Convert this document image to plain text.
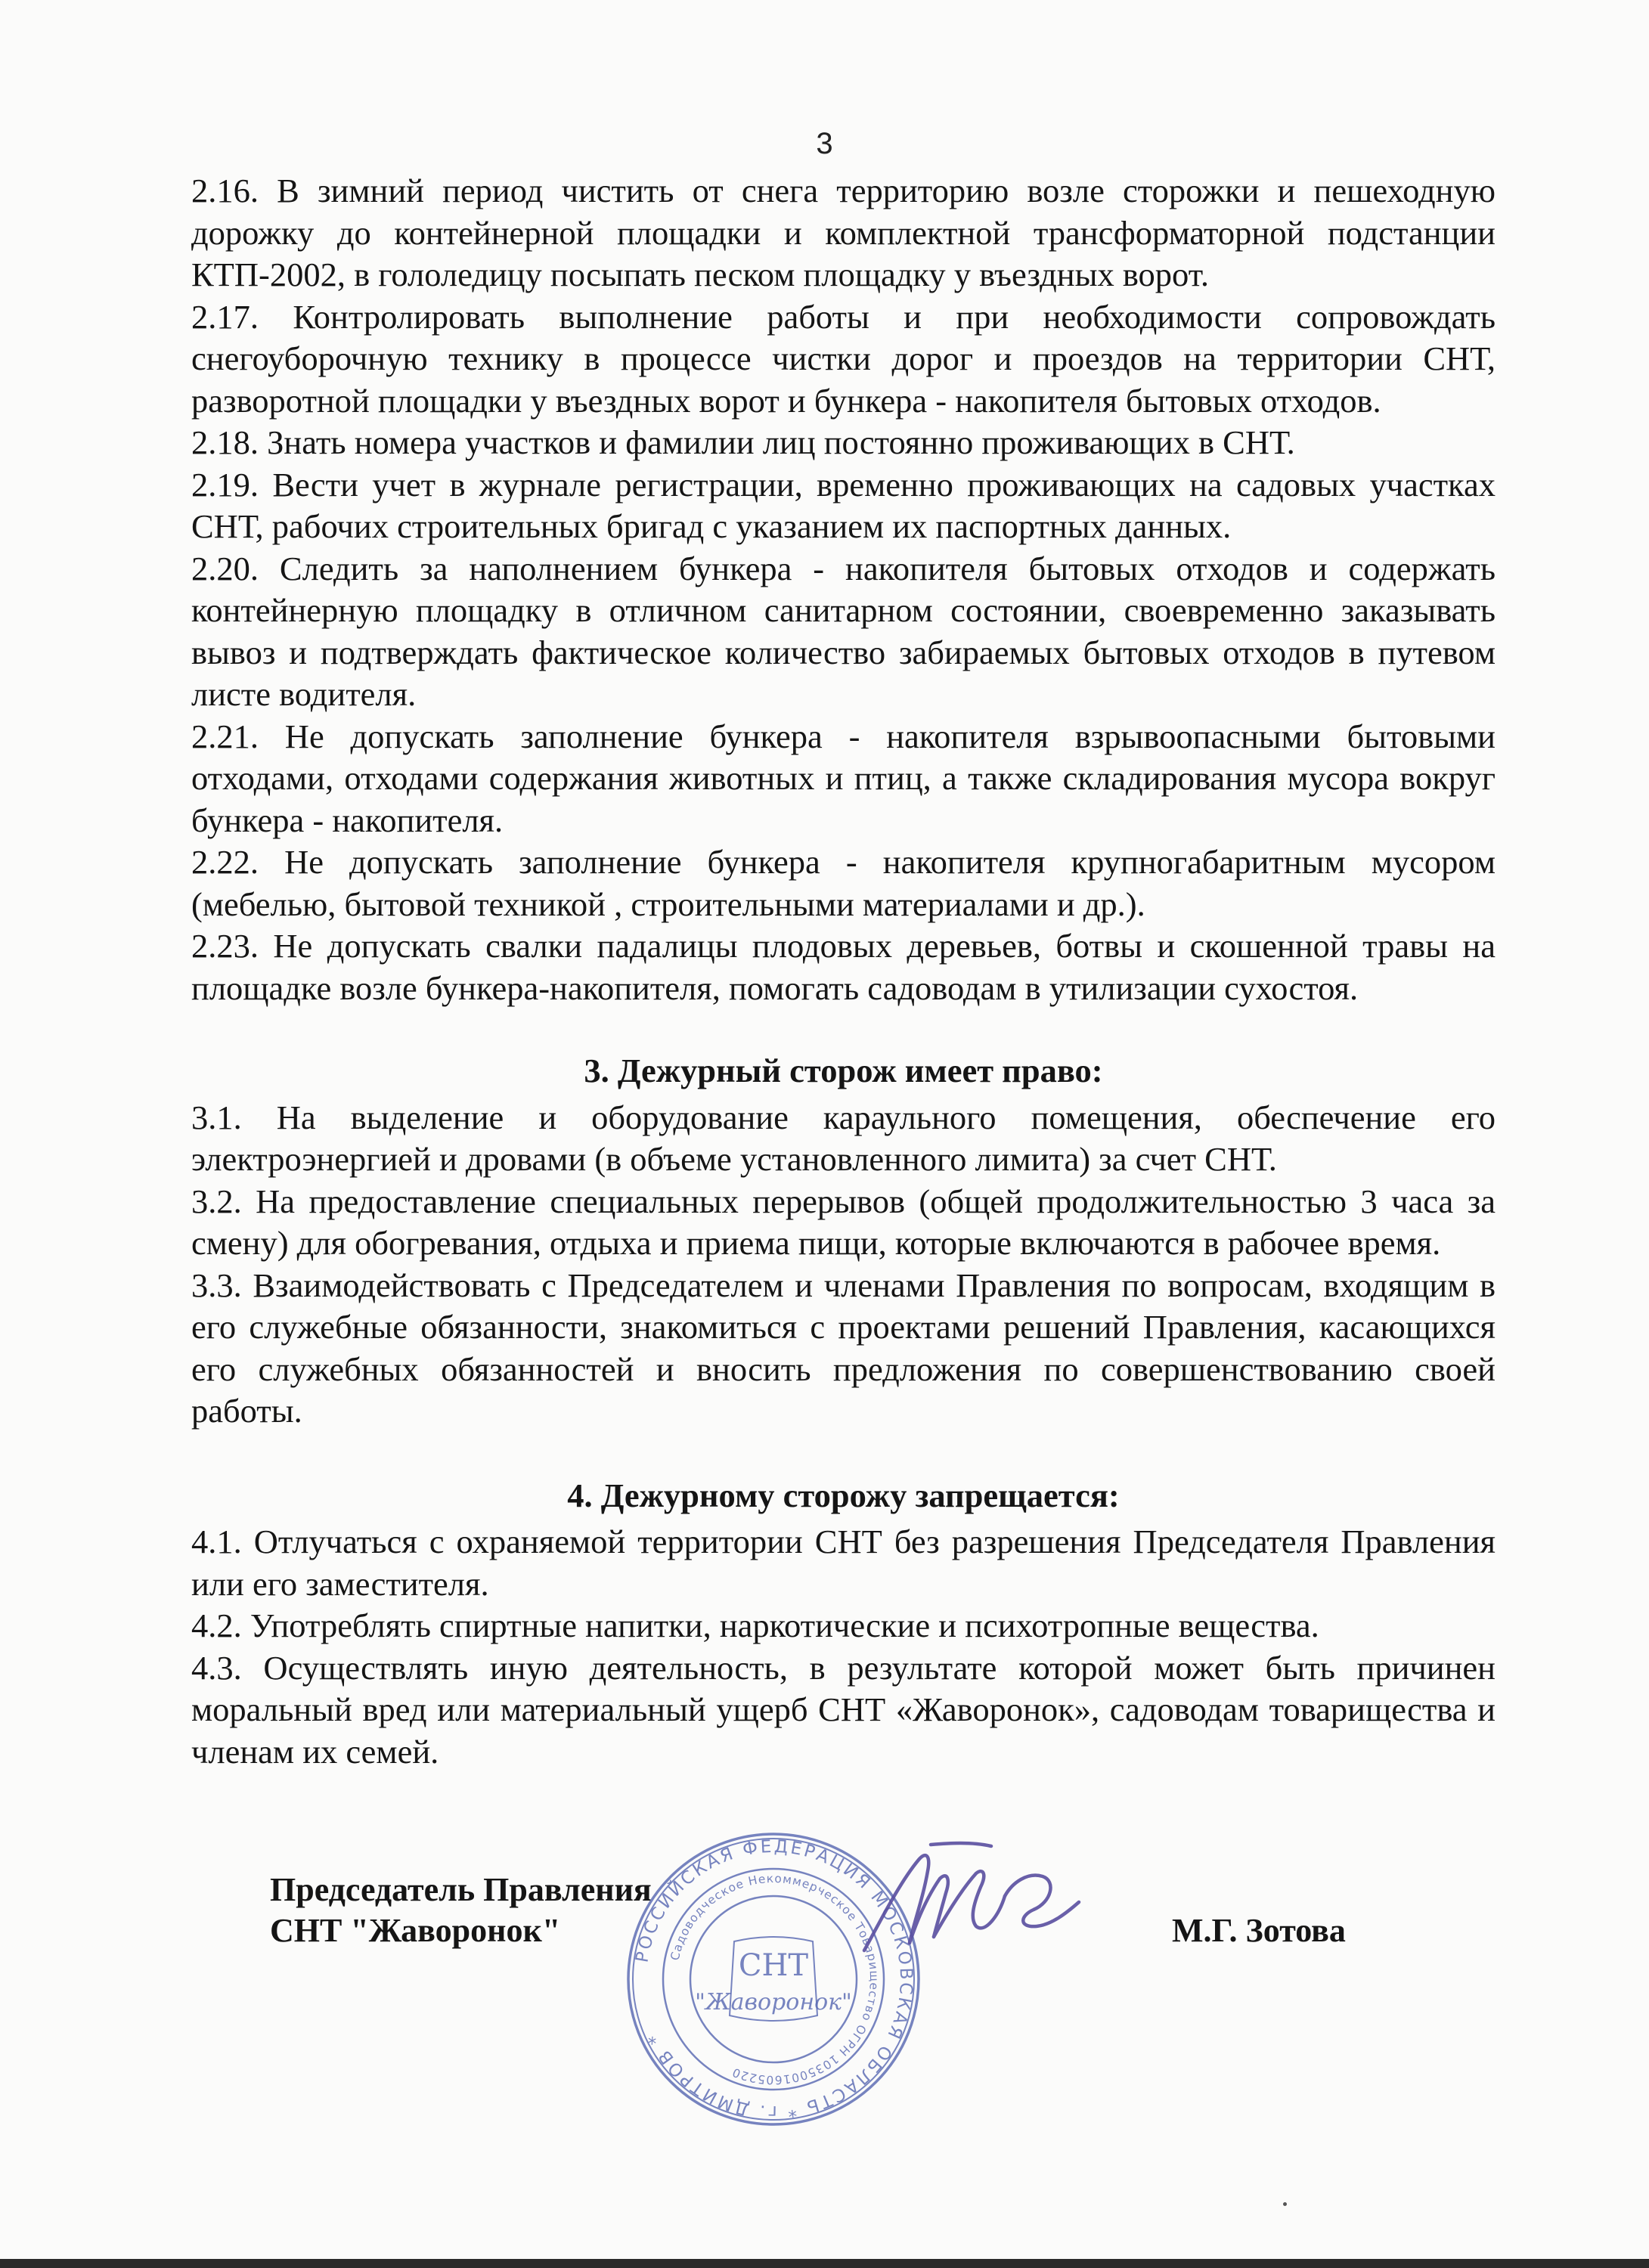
3

2.16. В зимний период чистить от снега территорию возле сторожки и пешеходную дорожку до контейнерной площадки и комплектной трансформаторной подстанции КТП-2002, в гололедицу посыпать песком площадку у въездных ворот.

2.17. Контролировать выполнение работы и при необходимости сопровождать снегоуборочную технику в процессе чистки дорог и проездов на территории СНТ, разворотной площадки у въездных ворот и бункера - накопителя бытовых отходов.

2.18. Знать номера участков и фамилии лиц постоянно проживающих в СНТ.

2.19. Вести учет в журнале регистрации, временно проживающих на садовых участках СНТ, рабочих строительных бригад с указанием их паспортных данных.

2.20. Следить за наполнением бункера - накопителя бытовых отходов и содержать контейнерную площадку в отличном санитарном состоянии, своевременно заказывать вывоз и подтверждать фактическое количество забираемых бытовых отходов в путевом листе водителя.

2.21. Не допускать заполнение бункера - накопителя взрывоопасными бытовыми отходами, отходами содержания животных и птиц, а также складирования мусора вокруг бункера - накопителя.

2.22. Не допускать заполнение бункера - накопителя крупногабаритным мусором (мебелью, бытовой техникой , строительными материалами и др.).

2.23. Не допускать свалки падалицы плодовых деревьев, ботвы и скошенной травы на площадке возле бункера-накопителя, помогать садоводам в утилизации сухостоя.

3. Дежурный сторож имеет право:

3.1. На выделение и оборудование караульного помещения, обеспечение его электроэнергией и дровами (в объеме установленного лимита) за счет СНТ.

3.2. На предоставление специальных перерывов (общей продолжительностью 3 часа за смену) для обогревания, отдыха и приема пищи, которые включаются в рабочее время.

3.3. Взаимодействовать с Председателем и членами Правления по вопросам, входящим в его служебные обязанности, знакомиться с проектами решений Правления, касающихся его служебных обязанностей и вносить предложения по совершенствованию своей работы.

4. Дежурному сторожу запрещается:

4.1. Отлучаться с охраняемой территории СНТ без разрешения Председателя Правления или его заместителя.

4.2. Употреблять спиртные напитки, наркотические и психотропные вещества.

4.3. Осуществлять иную деятельность, в результате которой может быть причинен моральный вред или материальный ущерб СНТ «Жаворонок», садоводам товарищества и членам их семей.

Председатель Правления
СНТ "Жаворонок"	М.Г. Зотова
РОССИЙСКАЯ ФЕДЕРАЦИЯ МОСКОВСКАЯ ОБЛАСТЬ * г. ДМИТРОВ *
Садоводческое Некоммерческое Товарищество ОГРН 1035001605220
СНТ
"Жаворонок"
